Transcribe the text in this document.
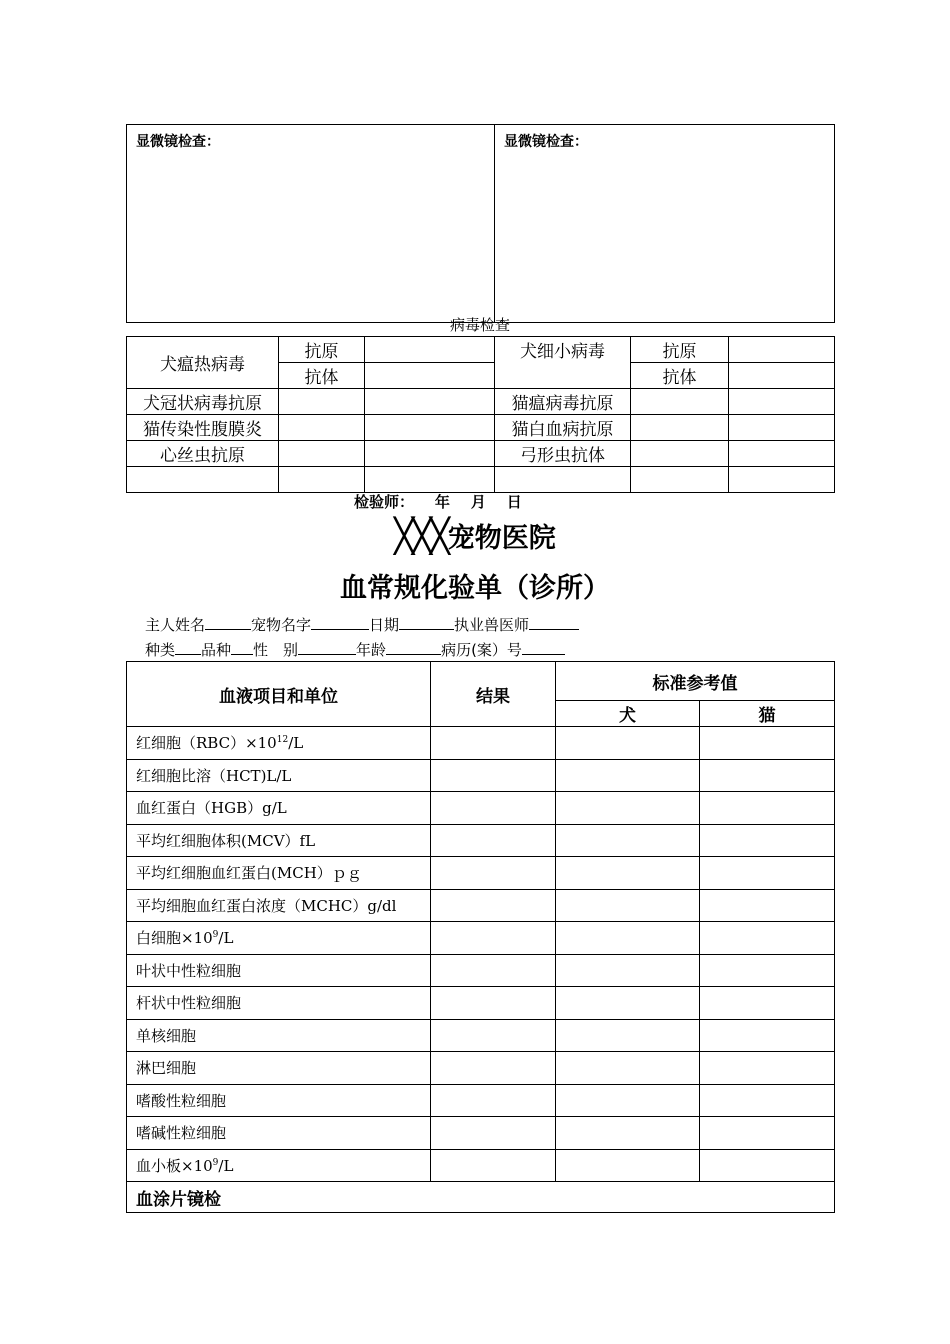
显微镜检查：	显微镜检查：
病毒检查
犬瘟热病毒	抗原		犬细小病毒	抗原	
	抗体			抗体	
犬冠状病毒抗原			猫瘟病毒抗原		
猫传染性腹膜炎			猫白血病抗原		
心丝虫抗原			弓形虫抗体		

检验师： 年 月 日
╳╳╳宠物医院
血常规化验单（诊所）
主人姓名	宠物名字	日期	执业兽医师
种类 品种 性　别	年龄	病历(案）号
血液项目和单位	结果	标准参考值	
		犬	猫
红细胞$(RBC)\times 10^{12}/L$			
红细胞比溶（HCT)L/L			
血红蛋白（HGB）g/L			
平均红细胞体积(MCV）fL			
平均红细胞血红蛋白(MCH）ｐｇ			
平均细胞血红蛋白浓度（MCHC）g/dl			
白细胞$\times 10^9/L$			
叶状中性粒细胞			
杆状中性粒细胞			
单核细胞			
淋巴细胞			
嗜酸性粒细胞			
嗜碱性粒细胞			
血小板$\times 10^9/L$			
血涂片镜检			
